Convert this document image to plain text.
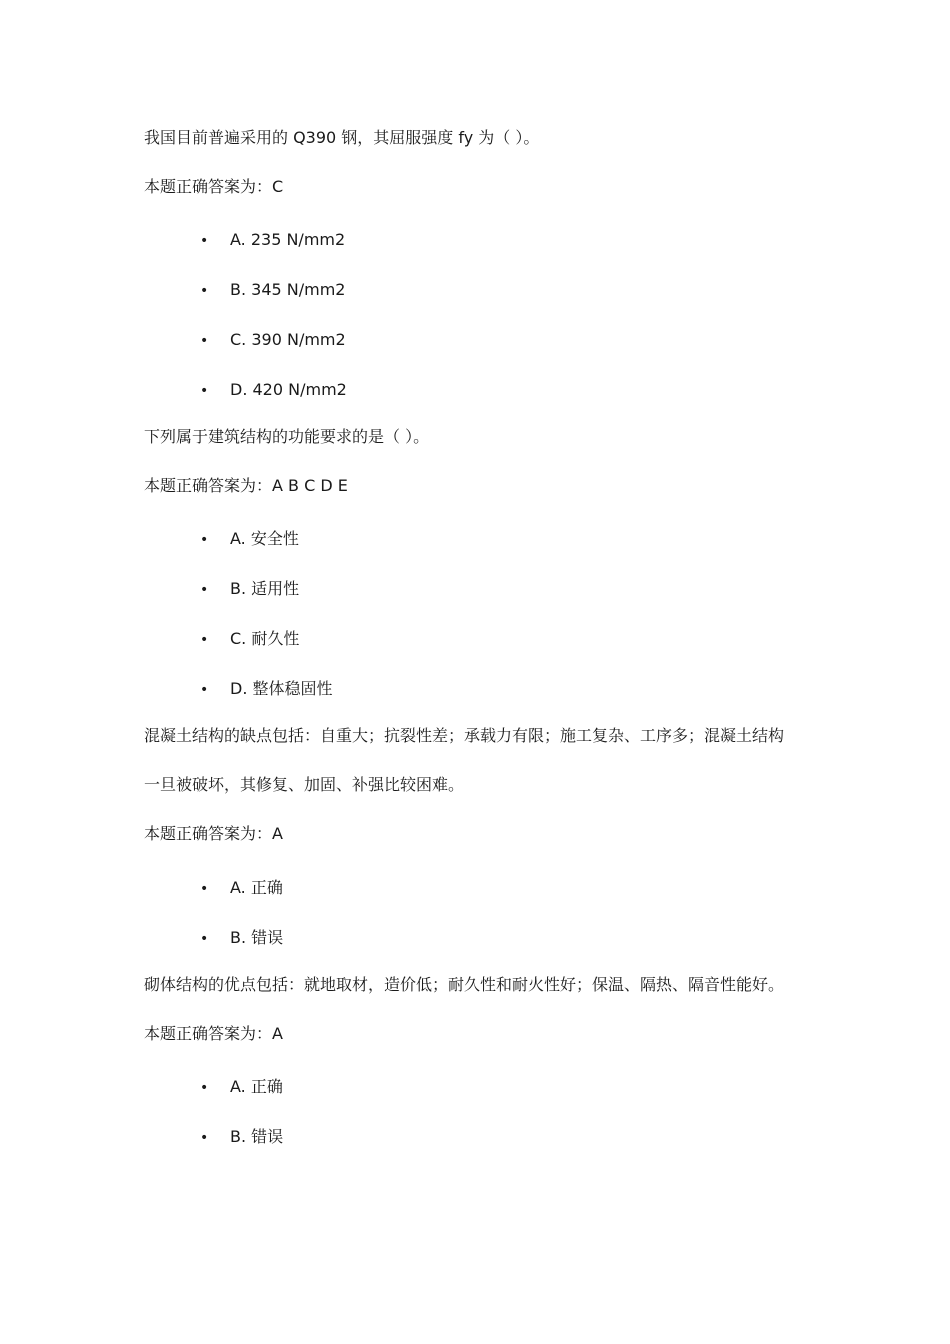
我国目前普遍采用的 Q390 钢，其屈服强度 fy 为（ ）。
本题正确答案为：C
• A. 235 N/mm2
• B. 345 N/mm2
• C. 390 N/mm2
• D. 420 N/mm2
下列属于建筑结构的功能要求的是（ ）。
本题正确答案为：A B C D E
• A. 安全性
• B. 适用性
• C. 耐久性
• D. 整体稳固性
混凝土结构的缺点包括：自重大；抗裂性差；承载力有限；施工复杂、工序多；混凝土结构
一旦被破坏，其修复、加固、补强比较困难。
本题正确答案为：A
• A. 正确
• B. 错误
砌体结构的优点包括：就地取材，造价低；耐久性和耐火性好；保温、隔热、隔音性能好。
本题正确答案为：A
• A. 正确
• B. 错误
